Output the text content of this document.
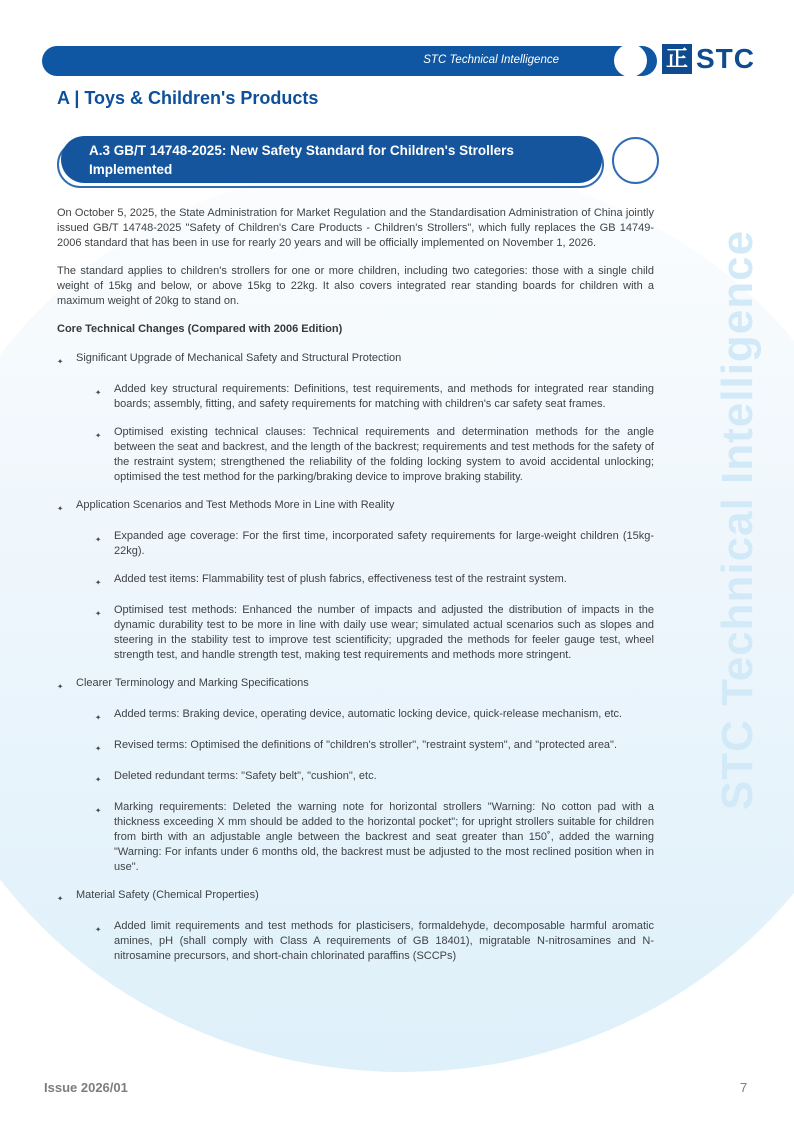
STC Technical Intelligence
STC Technical Intelligence	正 STC
A | Toys & Children's Products
A.3 GB/T 14748-2025: New Safety Standard for Children's Strollers Implemented

On October 5, 2025, the State Administration for Market Regulation and the Standardisation Administration of China jointly issued GB/T 14748-2025 "Safety of Children's Care Products - Children's Strollers", which fully replaces the GB 14749-2006 standard that has been in use for rearly 20 years and will be officially implemented on November 1, 2026.

The standard applies to children's strollers for one or more children, including two categories: those with a single child weight of 15kg and below, or above 15kg to 22kg. It also covers integrated rear standing boards for children with a maximum weight of 20kg to stand on.

Core Technical Changes (Compared with 2006 Edition)
✦	Significant Upgrade of Mechanical Safety and Structural Protection
✦	Added key structural requirements: Definitions, test requirements, and methods for integrated rear standing boards; assembly, fitting, and safety requirements for matching with children's car safety seat frames.
✦	Optimised existing technical clauses: Technical requirements and determination methods for the angle between the seat and backrest, and the length of the backrest; requirements and test methods for the safety of the restraint system; strengthened the reliability of the folding locking system to avoid accidental unlocking; optimised the test method for the parking/braking device to improve braking stability.
✦	Application Scenarios and Test Methods More in Line with Reality
✦	Expanded age coverage: For the first time, incorporated safety requirements for large-weight children (15kg-22kg).
✦	Added test items: Flammability test of plush fabrics, effectiveness test of the restraint system.
✦	Optimised test methods: Enhanced the number of impacts and adjusted the distribution of impacts in the dynamic durability test to be more in line with daily use wear; simulated actual scenarios such as slopes and steering in the stability test to improve test scientificity; upgraded the methods for feeler gauge test, wheel strength test, and handle strength test, making test requirements and methods more stringent.
✦	Clearer Terminology and Marking Specifications
✦	Added terms: Braking device, operating device, automatic locking device, quick-release mechanism, etc.
✦	Revised terms: Optimised the definitions of "children's stroller", "restraint system", and "protected area".
✦	Deleted redundant terms: "Safety belt", "cushion", etc.
✦	Marking requirements: Deleted the warning note for horizontal strollers "Warning: No cotton pad with a thickness exceeding X mm should be added to the horizontal pocket"; for upright strollers suitable for children from birth with an adjustable angle between the backrest and seat greater than 150˚, added the warning "Warning: For infants under 6 months old, the backrest must be adjusted to the most reclined position when in use".
✦	Material Safety (Chemical Properties)
✦	Added limit requirements and test methods for plasticisers, formaldehyde, decomposable harmful aromatic amines, pH (shall comply with Class A requirements of GB 18401), migratable N-nitrosamines and N-nitrosamine precursors, and short-chain chlorinated paraffins (SCCPs)
Issue 2026/01	7
